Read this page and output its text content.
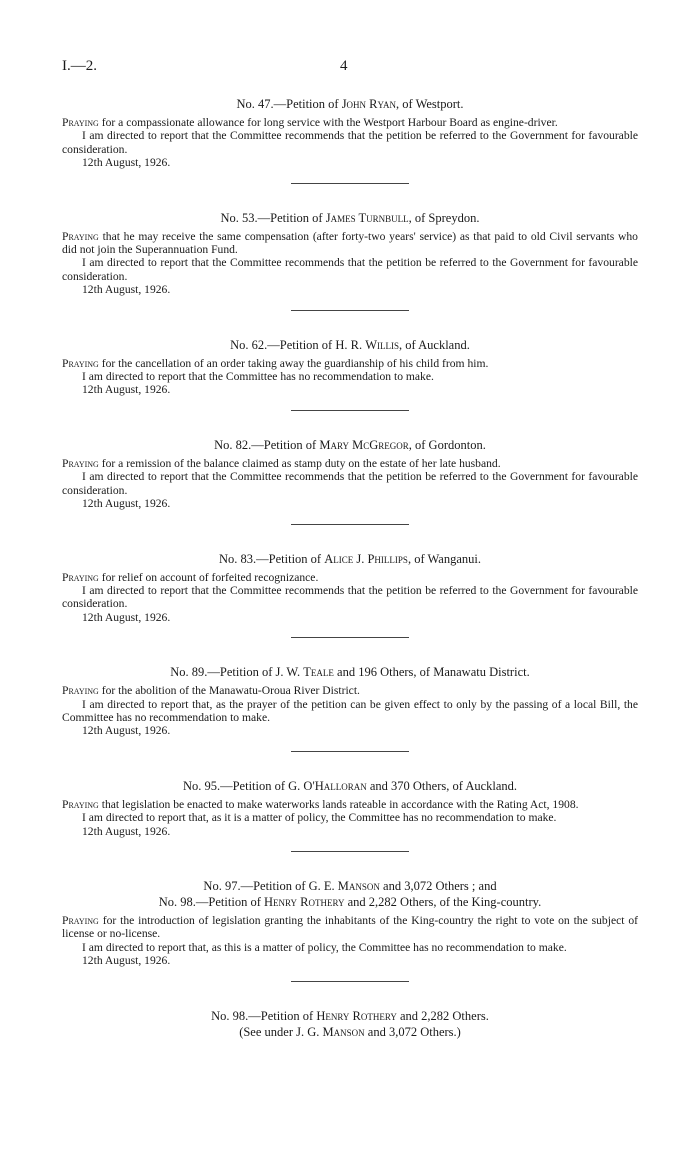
I.—2.	4
No. 47.—Petition of John Ryan, of Westport.

Praying for a compassionate allowance for long service with the Westport Harbour Board as engine-driver.

I am directed to report that the Committee recommends that the petition be referred to the Government for favourable consideration.

12th August, 1926.
No. 53.—Petition of James Turnbull, of Spreydon.

Praying that he may receive the same compensation (after forty-two years' service) as that paid to old Civil servants who did not join the Superannuation Fund.

I am directed to report that the Committee recommends that the petition be referred to the Government for favourable consideration.

12th August, 1926.
No. 62.—Petition of H. R. Willis, of Auckland.

Praying for the cancellation of an order taking away the guardianship of his child from him.

I am directed to report that the Committee has no recommendation to make.

12th August, 1926.
No. 82.—Petition of Mary McGregor, of Gordonton.

Praying for a remission of the balance claimed as stamp duty on the estate of her late husband.

I am directed to report that the Committee recommends that the petition be referred to the Government for favourable consideration.

12th August, 1926.
No. 83.—Petition of Alice J. Phillips, of Wanganui.

Praying for relief on account of forfeited recognizance.

I am directed to report that the Committee recommends that the petition be referred to the Government for favourable consideration.

12th August, 1926.
No. 89.—Petition of J. W. Teale and 196 Others, of Manawatu District.

Praying for the abolition of the Manawatu-Oroua River District.

I am directed to report that, as the prayer of the petition can be given effect to only by the passing of a local Bill, the Committee has no recommendation to make.

12th August, 1926.
No. 95.—Petition of G. O'Halloran and 370 Others, of Auckland.

Praying that legislation be enacted to make waterworks lands rateable in accordance with the Rating Act, 1908.

I am directed to report that, as it is a matter of policy, the Committee has no recommendation to make.

12th August, 1926.
No. 97.—Petition of G. E. Manson and 3,072 Others ; and
No. 98.—Petition of Henry Rothery and 2,282 Others, of the King-country.

Praying for the introduction of legislation granting the inhabitants of the King-country the right to vote on the subject of license or no-license.

I am directed to report that, as this is a matter of policy, the Committee has no recommendation to make.

12th August, 1926.
No. 98.—Petition of Henry Rothery and 2,282 Others.
(See under J. G. Manson and 3,072 Others.)
